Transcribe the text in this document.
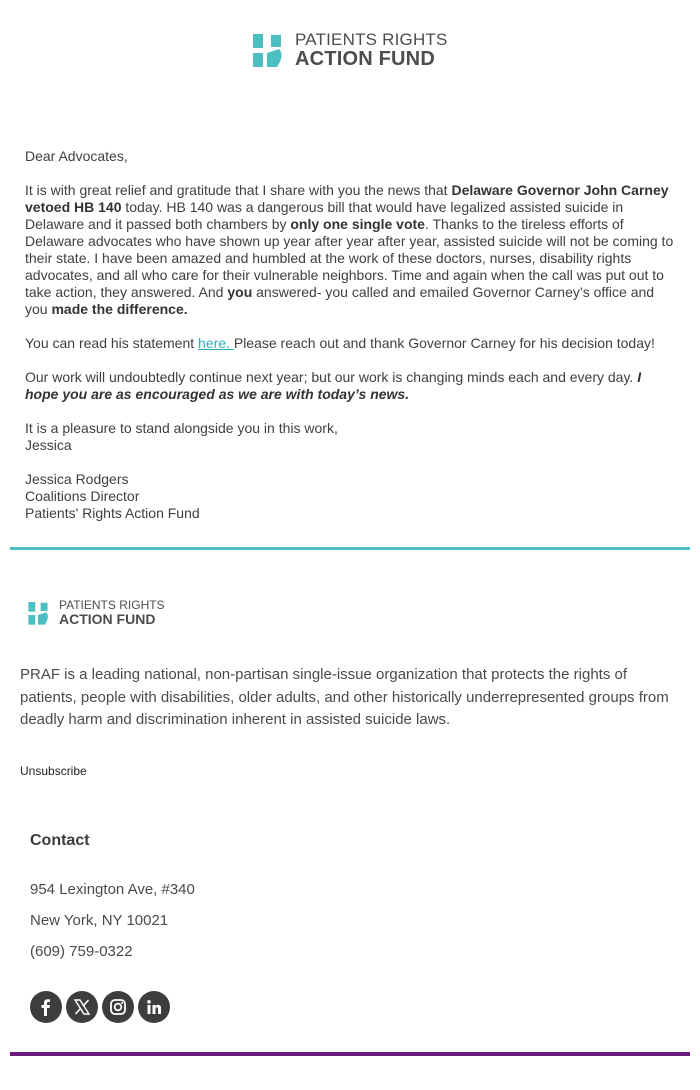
PATIENTS RIGHTS
ACTION FUND

Dear Advocates,

It is with great relief and gratitude that I share with you the news that Delaware Governor John Carney vetoed HB 140 today. HB 140 was a dangerous bill that would have legalized assisted suicide in Delaware and it passed both chambers by only one single vote. Thanks to the tireless efforts of Delaware advocates who have shown up year after year after year, assisted suicide will not be coming to their state. I have been amazed and humbled at the work of these doctors, nurses, disability rights advocates, and all who care for their vulnerable neighbors. Time and again when the call was put out to take action, they answered. And you answered- you called and emailed Governor Carney’s office and you made the difference.

You can read his statement here. Please reach out and thank Governor Carney for his decision today!

Our work will undoubtedly continue next year; but our work is changing minds each and every day. I hope you are as encouraged as we are with today’s news.

It is a pleasure to stand alongside you in this work,
Jessica

Jessica Rodgers
Coalitions Director
Patients' Rights Action Fund

PATIENTS RIGHTS
ACTION FUND
PRAF is a leading national, non-partisan single-issue organization that protects the rights of patients, people with disabilities, older adults, and other historically underrepresented groups from deadly harm and discrimination inherent in assisted suicide laws.
Unsubscribe
Contact
954 Lexington Ave, #340
New York, NY 10021
(609) 759-0322
